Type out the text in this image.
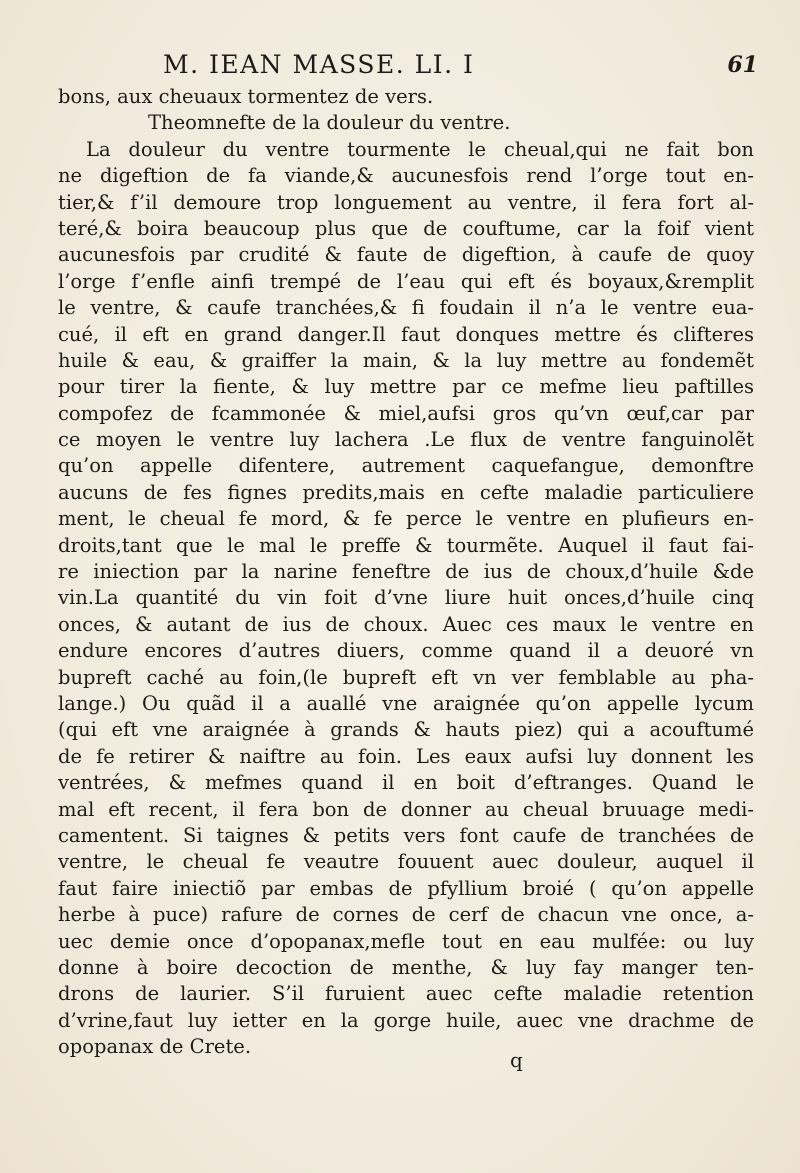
M. IEAN MASSE. LI. I	61
bons, aux cheuaux tormentez de vers.
Theomnefte de la douleur du ventre.
La douleur du ventre tourmente le cheual,qui ne fait bon
ne digeftion de fa viande,& aucunesfois rend l’orge tout en-
tier,& f’il demoure trop longuement au ventre, il fera fort al-
teré,& boira beaucoup plus que de couftume, car la foif vient
aucunesfois par crudité & faute de digeftion, à caufe de quoy
l’orge f’enfle ainfi trempé de l’eau qui eft és boyaux,&remplit
le ventre, & caufe tranchées,& fi foudain il n’a le ventre eua-
cué, il eft en grand danger.Il faut donques mettre és clifteres
huile & eau, & graiffer la main, & la luy mettre au fondemẽt
pour tirer la fiente, & luy mettre par ce mefme lieu paftilles
compofez de fcammonée & miel,aufsi gros qu’vn œuf,car par
ce moyen le ventre luy lachera .Le flux de ventre fanguinolẽt
qu’on appelle difentere, autrement caquefangue, demonftre
aucuns de fes fignes predits,mais en cefte maladie particuliere
ment, le cheual fe mord, & fe perce le ventre en plufieurs en-
droits,tant que le mal le preffe & tourmẽte. Auquel il faut fai-
re iniection par la narine feneftre de ius de choux,d’huile &de
vin.La quantité du vin foit d’vne liure huit onces,d’huile cinq
onces, & autant de ius de choux. Auec ces maux le ventre en
endure encores d’autres diuers, comme quand il a deuoré vn
bupreft caché au foin,(le bupreft eft vn ver femblable au pha-
lange.) Ou quãd il a auallé vne araignée qu’on appelle lycum
(qui eft vne araignée à grands & hauts piez) qui a acouftumé
de fe retirer & naiftre au foin. Les eaux aufsi luy donnent les
ventrées, & mefmes quand il en boit d’eftranges. Quand le
mal eft recent, il fera bon de donner au cheual bruuage medi-
camentent. Si taignes & petits vers font caufe de tranchées de
ventre, le cheual fe veautre fouuent auec douleur, auquel il
faut faire iniectiõ par embas de pfyllium broié ( qu’on appelle
herbe à puce) rafure de cornes de cerf de chacun vne once, a-
uec demie once d’opopanax,mefle tout en eau mulfée: ou luy
donne à boire decoction de menthe, & luy fay manger ten-
drons de laurier. S’il furuient auec cefte maladie retention
d’vrine,faut luy ietter en la gorge huile, auec vne drachme de
opopanax de Crete.
q
